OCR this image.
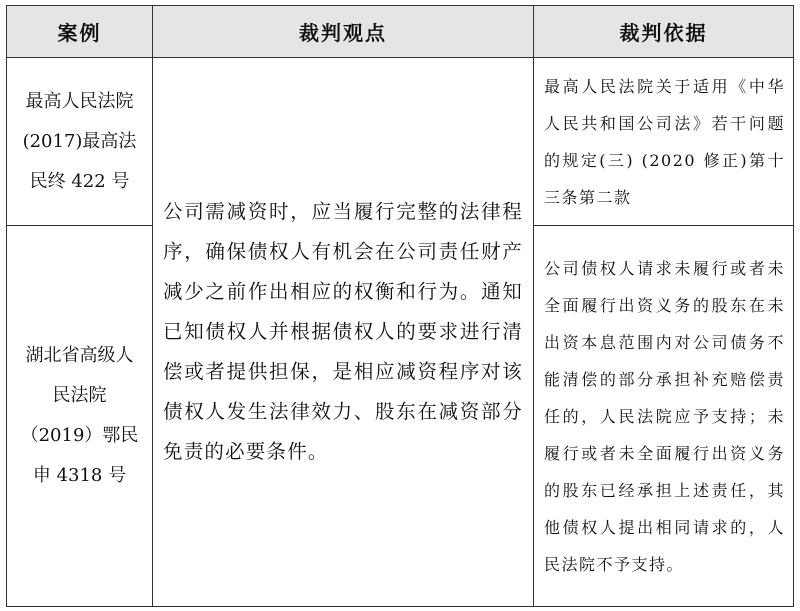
案例	裁判观点	裁判依据
最高人民法院
(2017)最高法
民终 422 号	公司需减资时，应当履行完整的法律程序，确保债权人有机会在公司责任财产减少之前作出相应的权衡和行为。通知已知债权人并根据债权人的要求进行清偿或者提供担保，是相应减资程序对该债权人发生法律效力、股东在减资部分免责的必要条件。	最高人民法院关于适用《中华人民共和国公司法》若干问题的规定(三) (2020 修正)第十三条第二款

湖北省高级人
民法院
（2019）鄂民
申 4318 号		公司债权人请求未履行或者未全面履行出资义务的股东在未出资本息范围内对公司债务不能清偿的部分承担补充赔偿责任的，人民法院应予支持；未履行或者未全面履行出资义务的股东已经承担上述责任，其他债权人提出相同请求的，人民法院不予支持。
